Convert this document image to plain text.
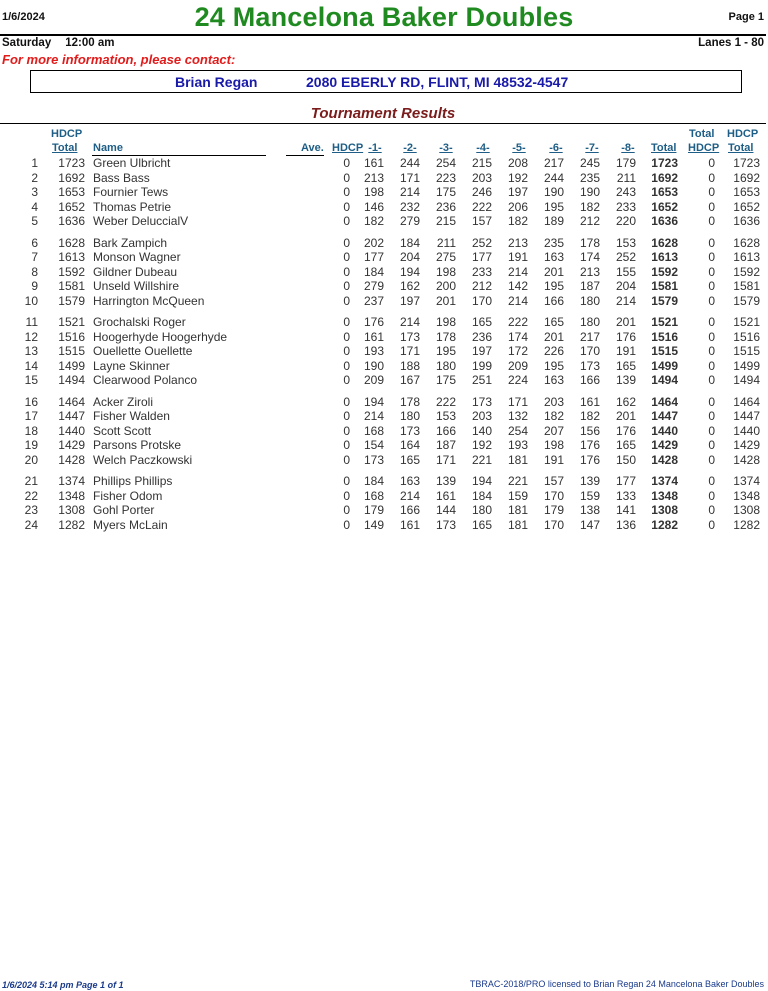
1/6/2024	24 Mancelona Baker Doubles	Page 1
Saturday 12:00 am	Lanes 1 - 80
For more information, please contact:
Brian Regan	2080 EBERLY RD, FLINT, MI 48532-4547
Tournament Results
HDCP
Total Name	Ave. HDCP -1-	-2-	-3-	-4-	-5-	-6-	-7-	-8-	Total
Total
HDCP
HDCP
Total
1	1723 Green Ulbricht	0	161	244	254	215	208	217	245	179 1723	0	1723
2	1692 Bass Bass	0	213	171	223	203	192	244	235	211 1692	0	1692
3	1653 Fournier Tews	0	198	214	175	246	197	190	190	243 1653	0	1653
4	1652 Thomas Petrie	0	146	232	236	222	206	195	182	233 1652	0	1652
5	1636 Weber DeluccialV	0	182	279	215	157	182	189	212	220 1636	0	1636
6	1628 Bark Zampich	0	202	184	211	252	213	235	178	153 1628	0	1628
7	1613 Monson Wagner	0	177	204	275	177	191	163	174	252 1613	0	1613
8	1592 Gildner Dubeau	0	184	194	198	233	214	201	213	155 1592	0	1592
9	1581 Unseld Willshire	0	279	162	200	212	142	195	187	204 1581	0	1581
10	1579 Harrington McQueen	0	237	197	201	170	214	166	180	214 1579	0	1579
11	1521 Grochalski Roger	0	176	214	198	165	222	165	180	201 1521	0	1521
12	1516 Hoogerhyde Hoogerhyde	0	161	173	178	236	174	201	217	176 1516	0	1516
13	1515 Ouellette Ouellette	0	193	171	195	197	172	226	170	191 1515	0	1515
14	1499 Layne Skinner	0	190	188	180	199	209	195	173	165 1499	0	1499
15	1494 Clearwood Polanco	0	209	167	175	251	224	163	166	139 1494	0	1494
16	1464 Acker Ziroli	0	194	178	222	173	171	203	161	162 1464	0	1464
17	1447 Fisher Walden	0	214	180	153	203	132	182	182	201 1447	0	1447
18	1440 Scott Scott	0	168	173	166	140	254	207	156	176 1440	0	1440
19	1429 Parsons Protske	0	154	164	187	192	193	198	176	165 1429	0	1429
20	1428 Welch Paczkowski	0	173	165	171	221	181	191	176	150 1428	0	1428
21	1374 Phillips Phillips	0	184	163	139	194	221	157	139	177 1374	0	1374
22	1348 Fisher Odom	0	168	214	161	184	159	170	159	133 1348	0	1348
23	1308 Gohl Porter	0	179	166	144	180	181	179	138	141 1308	0	1308
24	1282 Myers McLain	0	149	161	173	165	181	170	147	136 1282	0	1282
1/6/2024 5:14 pm Page 1 of 1	TBRAC-2018/PRO licensed to Brian Regan 24 Mancelona Baker Doubles
